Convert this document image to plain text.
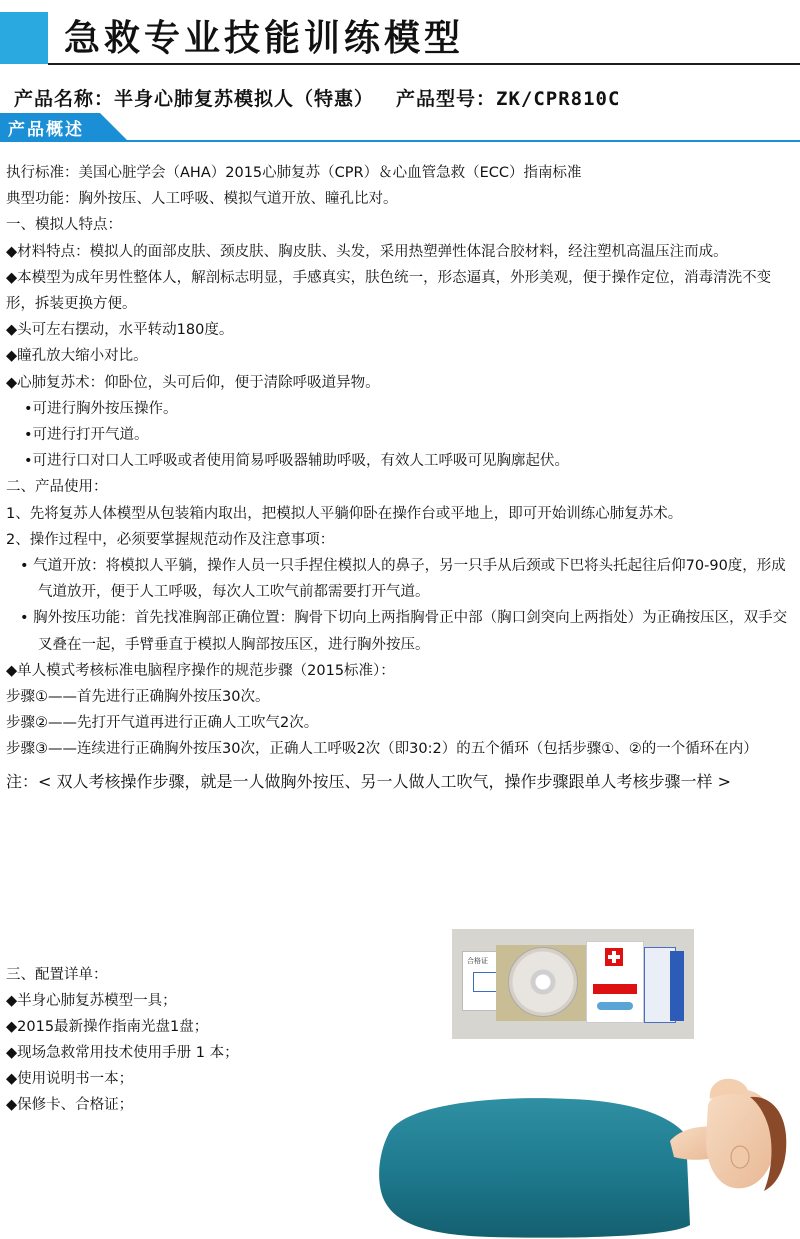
急救专业技能训练模型
产品名称：半身心肺复苏模拟人（特惠） 产品型号：ZK/CPR810C
产品概述

执行标准：美国心脏学会（AHA）2015心肺复苏（CPR）＆心血管急救（ECC）指南标准

典型功能：胸外按压、人工呼吸、模拟气道开放、瞳孔比对。

一、模拟人特点：

◆材料特点：模拟人的面部皮肤、颈皮肤、胸皮肤、头发，采用热塑弹性体混合胶材料，经注塑机高温压注而成。

◆本模型为成年男性整体人，解剖标志明显，手感真实，肤色统一，形态逼真，外形美观，便于操作定位，消毒清洗不变形，拆装更换方便。

◆头可左右摆动，水平转动180度。

◆瞳孔放大缩小对比。

◆心肺复苏术：仰卧位，头可后仰，便于清除呼吸道异物。

•可进行胸外按压操作。

•可进行打开气道。

•可进行口对口人工呼吸或者使用简易呼吸器辅助呼吸，有效人工呼吸可见胸廓起伏。

二、产品使用：

1、先将复苏人体模型从包装箱内取出，把模拟人平躺仰卧在操作台或平地上，即可开始训练心肺复苏术。

2、操作过程中，必须要掌握规范动作及注意事项：

• 气道开放：将模拟人平躺，操作人员一只手捏住模拟人的鼻子，另一只手从后颈或下巴将头托起往后仰70-90度，形成气道放开，便于人工呼吸，每次人工吹气前都需要打开气道。

• 胸外按压功能：首先找准胸部正确位置：胸骨下切向上两指胸骨正中部（胸口剑突向上两指处）为正确按压区，双手交叉叠在一起，手臂垂直于模拟人胸部按压区，进行胸外按压。

◆单人模式考核标准电脑程序操作的规范步骤（2015标准）：

步骤①——首先进行正确胸外按压30次。

步骤②——先打开气道再进行正确人工吹气2次。

步骤③——连续进行正确胸外按压30次，正确人工呼吸2次（即30:2）的五个循环（包括步骤①、②的一个循环在内）

注：< 双人考核操作步骤，就是一人做胸外按压、另一人做人工吹气，操作步骤跟单人考核步骤一样 >

三、配置详单：

◆半身心肺复苏模型一具；

◆2015最新操作指南光盘1盘；

◆现场急救常用技术使用手册 1 本；

◆使用说明书一本；

◆保修卡、合格证；

合格证
